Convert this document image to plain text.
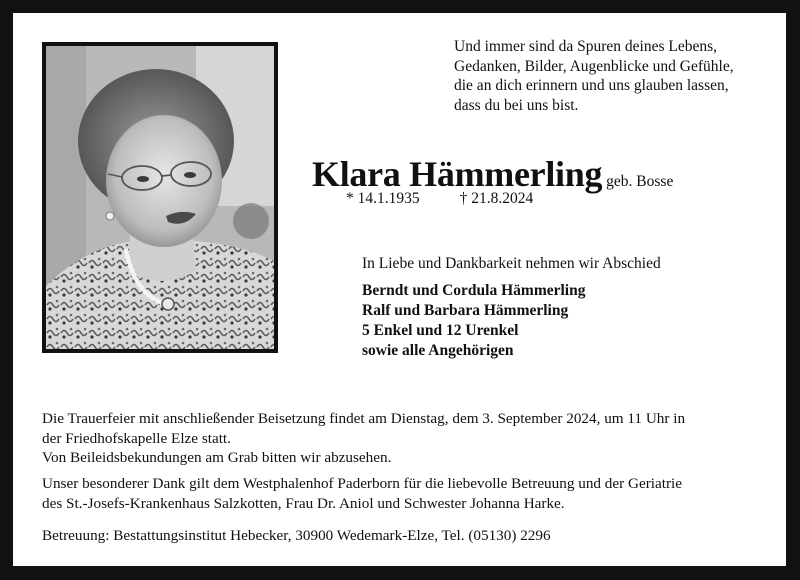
Und immer sind da Spuren deines Lebens,
Gedanken, Bilder, Augenblicke und Gefühle,
die an dich erinnern und uns glauben lassen,
dass du bei uns bist.
Klara Hämmerling geb. Bosse
* 14.1.1935	† 21.8.2024
In Liebe und Dankbarkeit nehmen wir Abschied
Berndt und Cordula Hämmerling
Ralf und Barbara Hämmerling
5 Enkel und 12 Urenkel
sowie alle Angehörigen
Die Trauerfeier mit anschließender Beisetzung findet am Dienstag, dem 3. September 2024, um 11 Uhr in
der Friedhofskapelle Elze statt.
Von Beileidsbekundungen am Grab bitten wir abzusehen.
Unser besonderer Dank gilt dem Westphalenhof Paderborn für die liebevolle Betreuung und der Geriatrie
des St.-Josefs-Krankenhaus Salzkotten, Frau Dr. Aniol und Schwester Johanna Harke.
Betreuung: Bestattungsinstitut Hebecker, 30900 Wedemark-Elze, Tel. (05130) 2296
